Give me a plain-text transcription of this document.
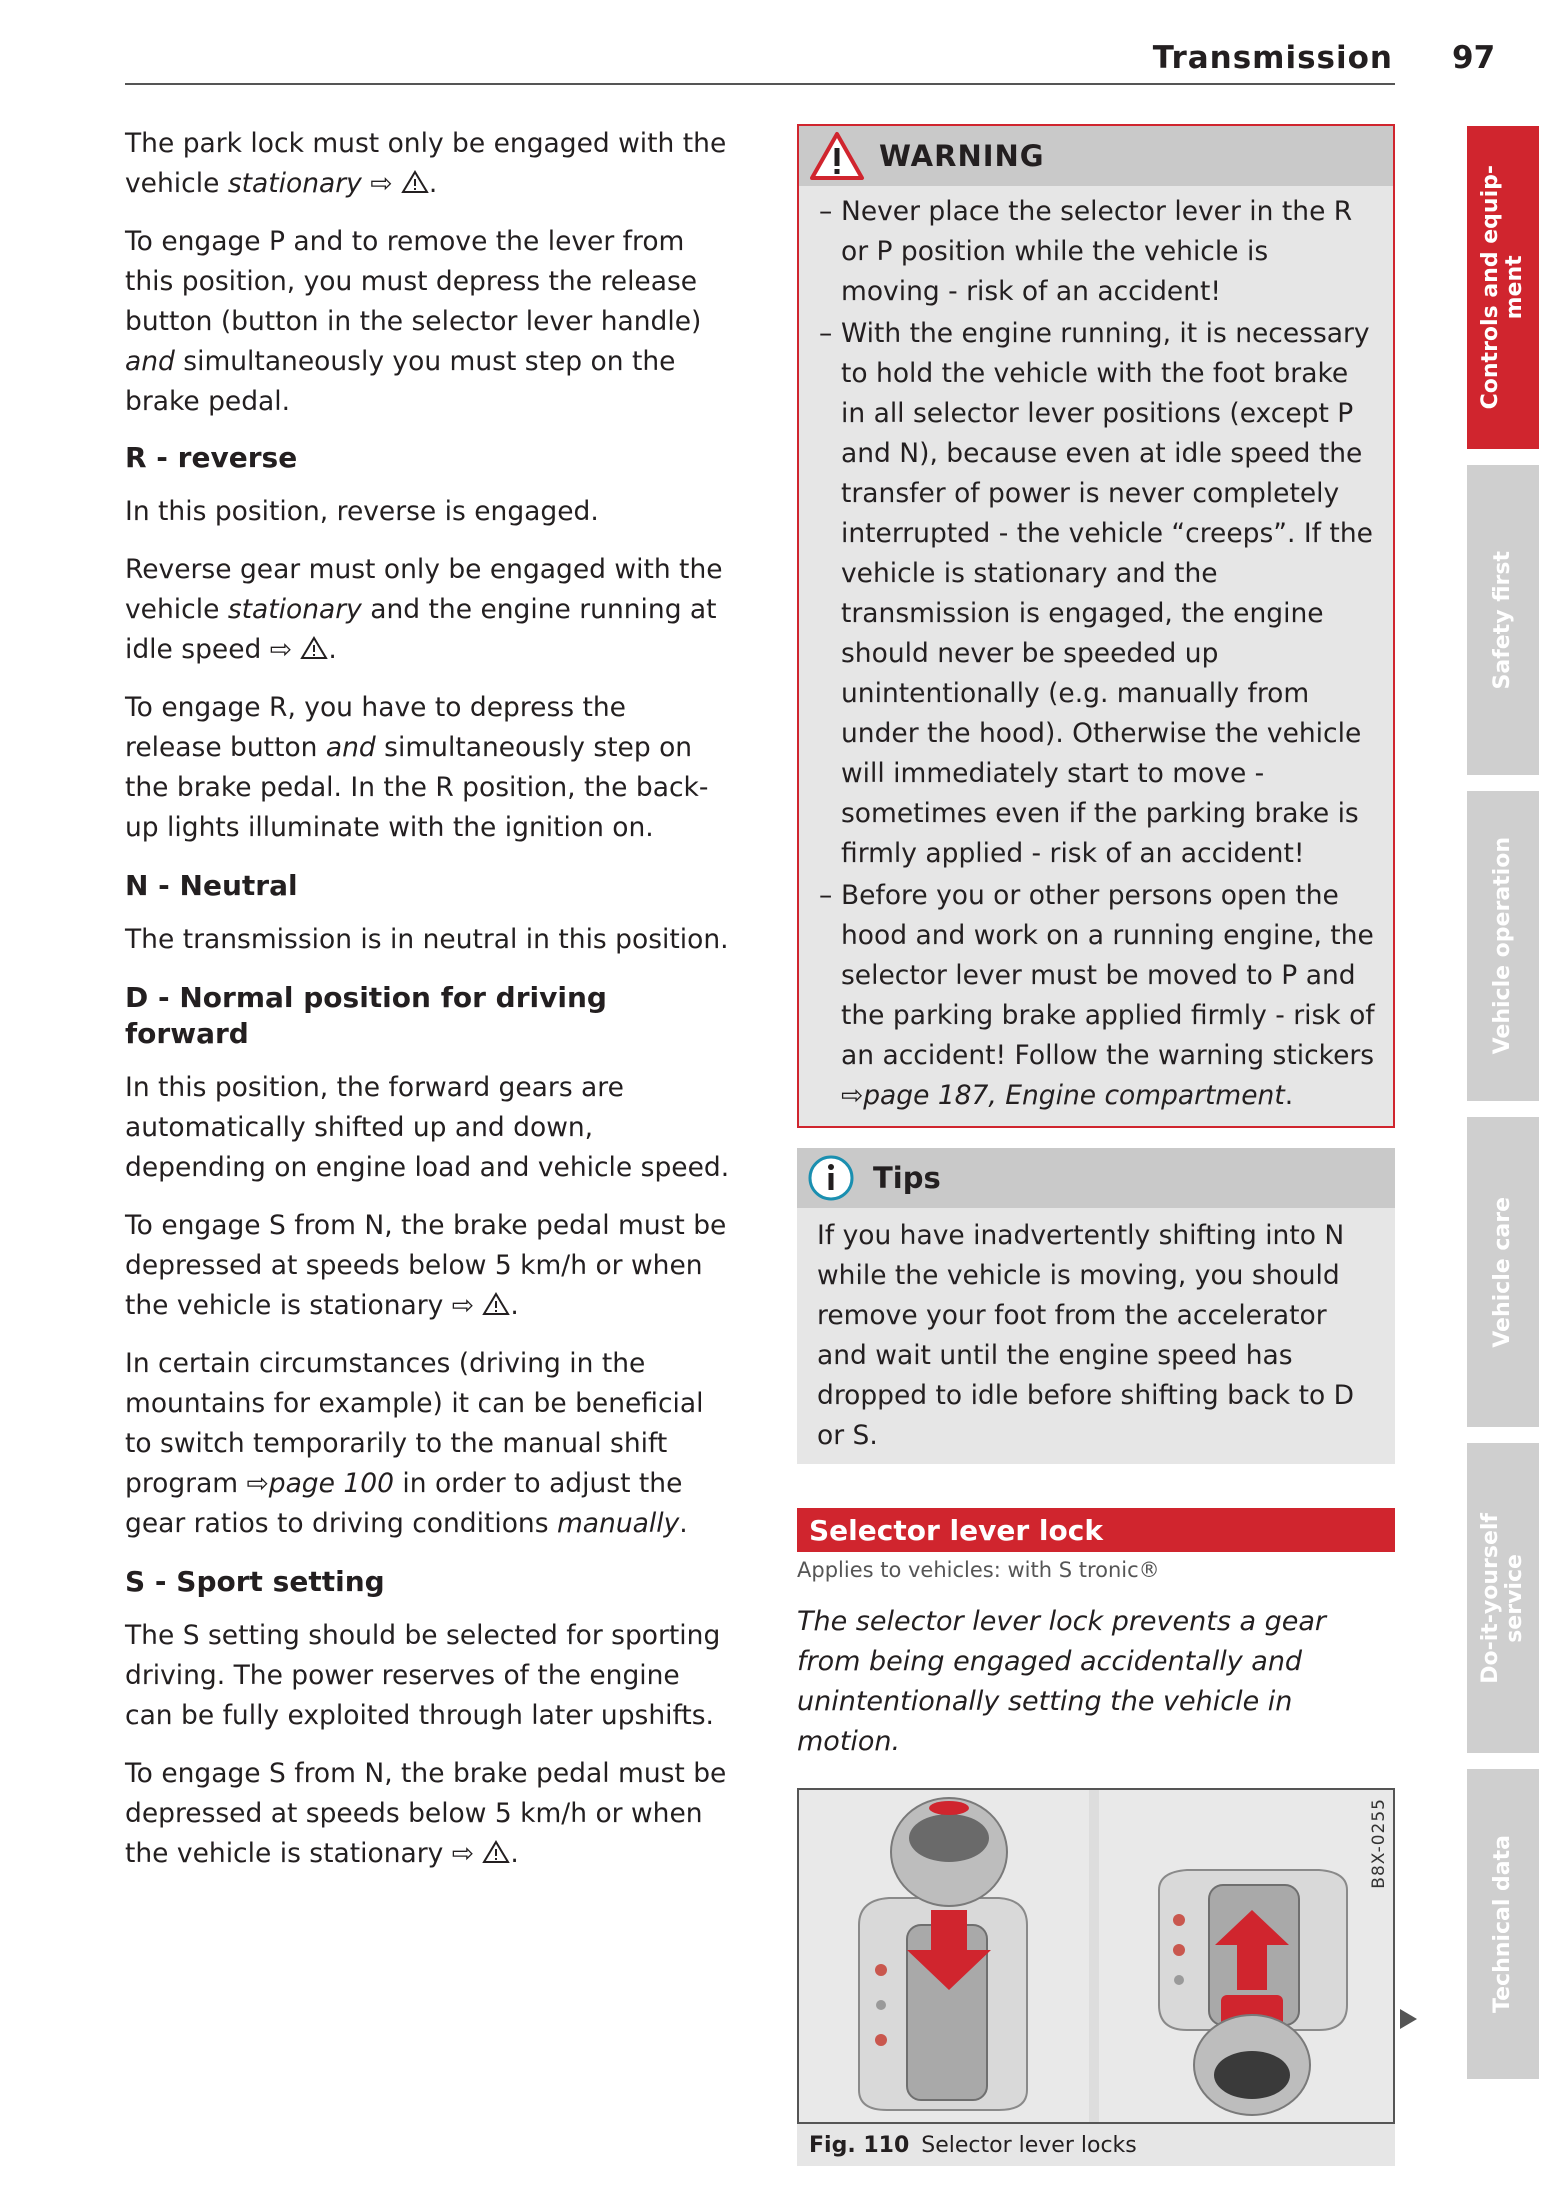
Transmission 97

The park lock must only be engaged with the vehicle stationary ⇨ .

To engage P and to remove the lever from this position, you must depress the release button (button in the selector lever handle) and simultaneously you must step on the brake pedal.

R - reverse

In this position, reverse is engaged.

Reverse gear must only be engaged with the vehicle stationary and the engine running at idle speed ⇨ .

To engage R, you have to depress the release button and simultaneously step on the brake pedal. In the R position, the back-up lights illuminate with the ignition on.

N - Neutral

The transmission is in neutral in this position.

D - Normal position for driving forward

In this position, the forward gears are automatically shifted up and down, depending on engine load and vehicle speed.

To engage S from N, the brake pedal must be depressed at speeds below 5 km/h or when the vehicle is stationary ⇨ .

In certain circumstances (driving in the mountains for example) it can be beneficial to switch temporarily to the manual shift program ⇨page 100 in order to adjust the gear ratios to driving conditions manually.

S - Sport setting

The S setting should be selected for sporting driving. The power reserves of the engine can be fully exploited through later upshifts.

To engage S from N, the brake pedal must be depressed at speeds below 5 km/h or when the vehicle is stationary ⇨ .

WARNING
– Never place the selector lever in the R or P position while the vehicle is moving - risk of an accident!
– With the engine running, it is necessary to hold the vehicle with the foot brake in all selector lever positions (except P and N), because even at idle speed the transfer of power is never completely interrupted - the vehicle “creeps”. If the vehicle is stationary and the transmission is engaged, the engine should never be speeded up unintentionally (e.g. manually from under the hood). Otherwise the vehicle will immediately start to move - sometimes even if the parking brake is firmly applied - risk of an accident!
– Before you or other persons open the hood and work on a running engine, the selector lever must be moved to P and the parking brake applied firmly - risk of an accident! Follow the warning stickers ⇨page 187, Engine compartment.
Tips
If you have inadvertently shifting into N while the vehicle is moving, you should remove your foot from the accelerator and wait until the engine speed has dropped to idle before shifting back to D or S.
Selector lever lock
Applies to vehicles: with S tronic®
The selector lever lock prevents a gear from being engaged accidentally and unintentionally setting the vehicle in motion.
B8X-0255
Fig. 110 Selector lever locks
Controls and equip-
ment
Safety first
Vehicle operation
Vehicle care
Do-it-yourself
service
Technical data
